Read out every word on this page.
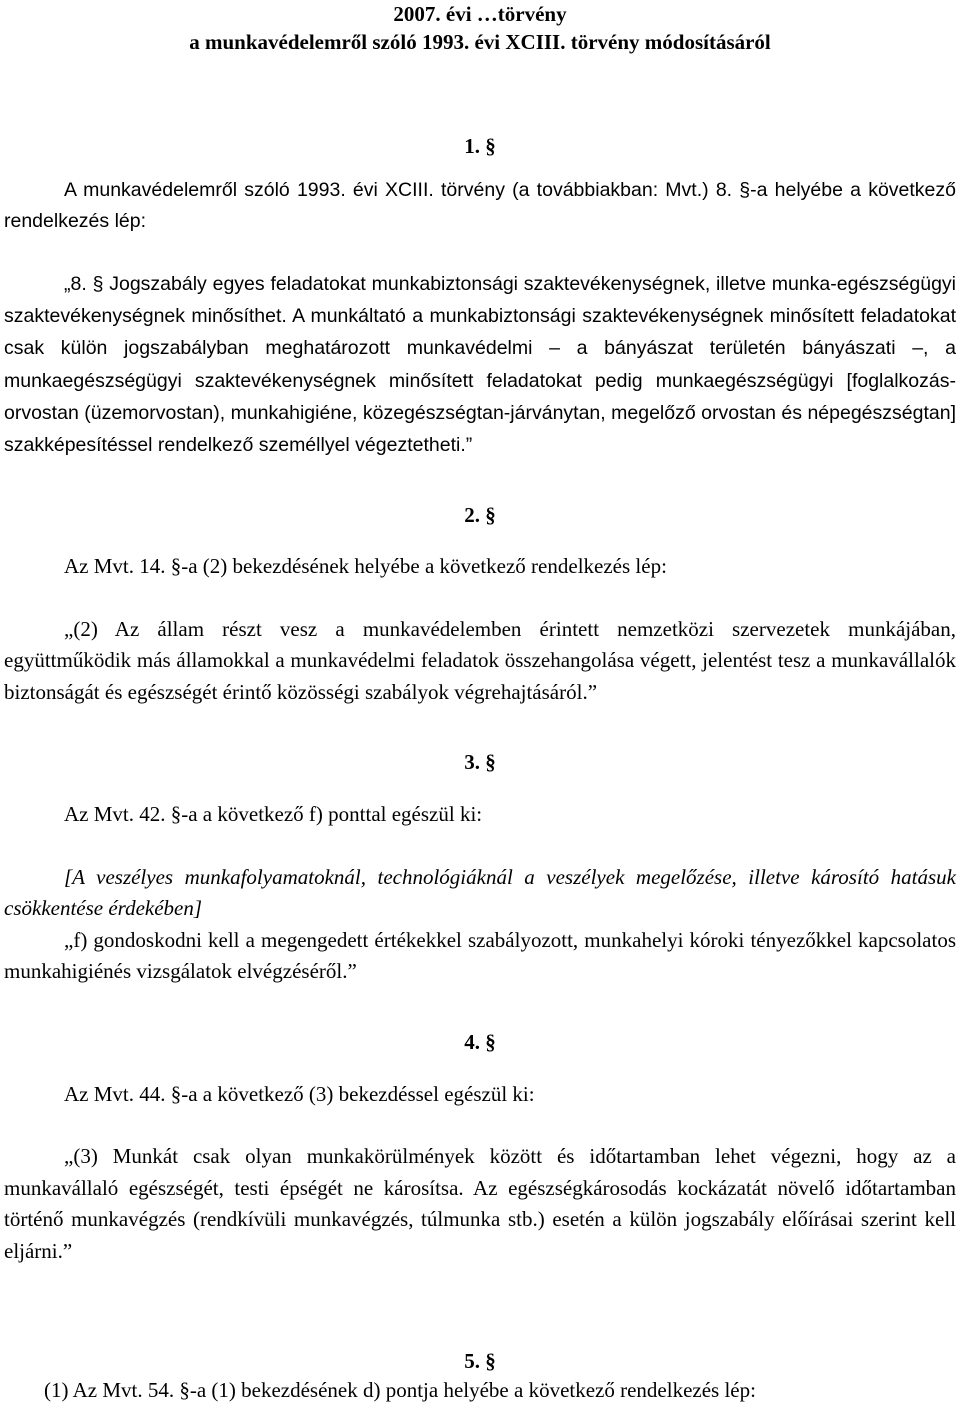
2007. évi …törvény
a munkavédelemről szóló 1993. évi XCIII. törvény módosításáról
1. §

A munkavédelemről szóló 1993. évi XCIII. törvény (a továbbiakban: Mvt.) 8. §-a helyébe a következő rendelkezés lép:

„8. § Jogszabály egyes feladatokat munkabiztonsági szaktevékenységnek, illetve munka-egészségügyi szaktevékenységnek minősíthet. A munkáltató a munkabiztonsági szaktevékenységnek minősített feladatokat csak külön jogszabályban meghatározott munkavédelmi – a bányászat területén bányászati –, a munkaegészségügyi szaktevékenységnek minősített feladatokat pedig munkaegészségügyi [foglalkozás-orvostan (üzemorvostan), munkahigiéne, közegészségtan-járványtan, megelőző orvostan és népegészségtan] szakképesítéssel rendelkező személlyel végeztetheti.”

2. §

Az Mvt. 14. §-a (2) bekezdésének helyébe a következő rendelkezés lép:

„(2) Az állam részt vesz a munkavédelemben érintett nemzetközi szervezetek munkájában, együttműködik más államokkal a munkavédelmi feladatok összehangolása végett, jelentést tesz a munkavállalók biztonságát és egészségét érintő közösségi szabályok végrehajtásáról.”

3. §

Az Mvt. 42. §-a a következő f) ponttal egészül ki:

[A veszélyes munkafolyamatoknál, technológiáknál a veszélyek megelőzése, illetve károsító hatásuk csökkentése érdekében]

„f) gondoskodni kell a megengedett értékekkel szabályozott, munkahelyi kóroki tényezőkkel kapcsolatos munkahigiénés vizsgálatok elvégzéséről.”

4. §

Az Mvt. 44. §-a a következő (3) bekezdéssel egészül ki:

„(3) Munkát csak olyan munkakörülmények között és időtartamban lehet végezni, hogy az a munkavállaló egészségét, testi épségét ne károsítsa. Az egészségkárosodás kockázatát növelő időtartamban történő munkavégzés (rendkívüli munkavégzés, túlmunka stb.) esetén a külön jogszabály előírásai szerint kell eljárni.”

5. §

(1) Az Mvt. 54. §-a (1) bekezdésének d) pontja helyébe a következő rendelkezés lép:
